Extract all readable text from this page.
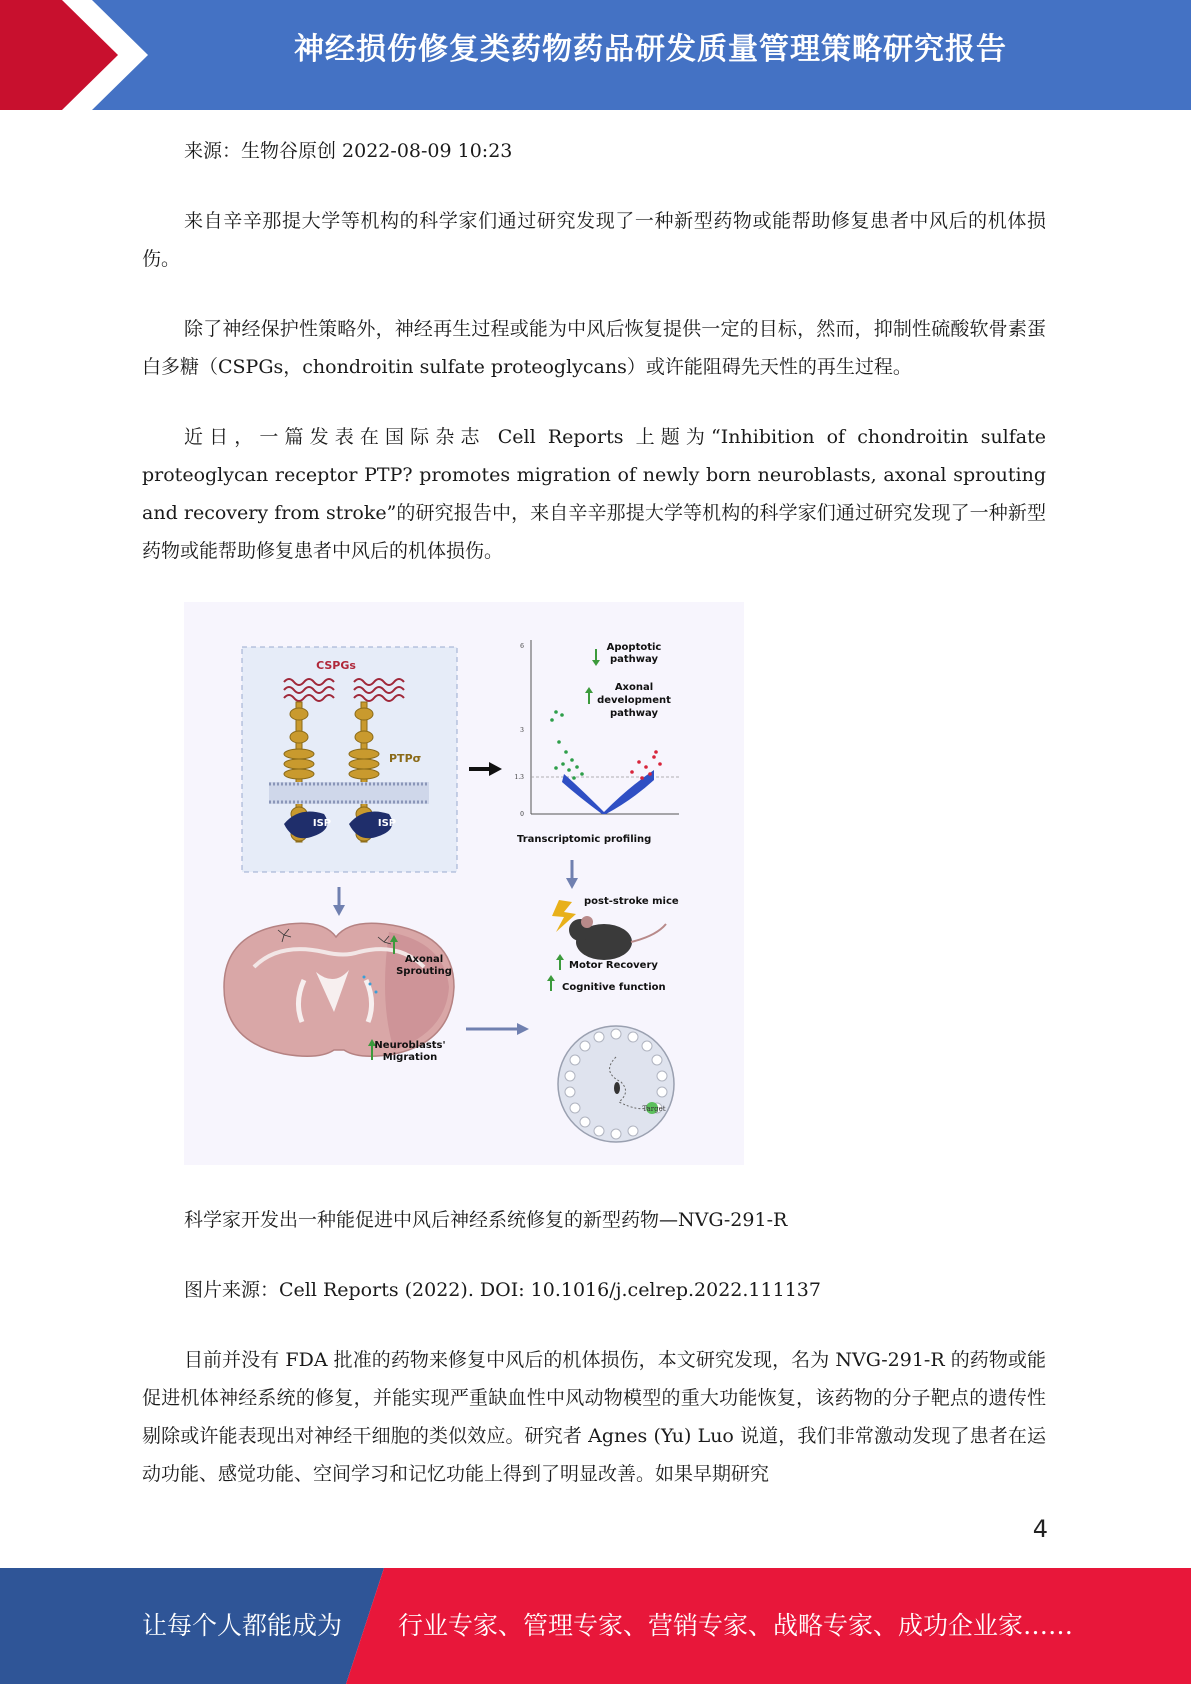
神经损伤修复类药物药品研发质量管理策略研究报告

来源：生物谷原创 2022-08-09 10:23

来自辛辛那提大学等机构的科学家们通过研究发现了一种新型药物或能帮助修复患者中风后的机体损伤。

除了神经保护性策略外，神经再生过程或能为中风后恢复提供一定的目标，然而，抑制性硫酸软骨素蛋白多糖（CSPGs，chondroitin sulfate proteoglycans）或许能阻碍先天性的再生过程。

近日，一篇发表在国际杂志 Cell Reports 上题为“Inhibition of chondroitin sulfate proteoglycan receptor PTP? promotes migration of newly born neuroblasts, axonal sprouting and recovery from stroke”的研究报告中，来自辛辛那提大学等机构的科学家们通过研究发现了一种新型药物或能帮助修复患者中风后的机体损伤。

CSPGs
PTPσ
ISP	ISP
6
3
1.3
0
Apoptotic
pathway
Axonal
development
pathway
Transcriptomic profiling
post-stroke mice
Motor Recovery
Cognitive function
Target
Axonal
Sprouting
Neuroblasts'
Migration

科学家开发出一种能促进中风后神经系统修复的新型药物—NVG-291-R

图片来源：Cell Reports (2022). DOI: 10.1016/j.celrep.2022.111137

目前并没有 FDA 批准的药物来修复中风后的机体损伤，本文研究发现，名为 NVG-291-R 的药物或能促进机体神经系统的修复，并能实现严重缺血性中风动物模型的重大功能恢复，该药物的分子靶点的遗传性剔除或许能表现出对神经干细胞的类似效应。研究者 Agnes (Yu) Luo 说道，我们非常激动发现了患者在运动功能、感觉功能、空间学习和记忆功能上得到了明显改善。如果早期研究

4
让每个人都能成为 行业专家、管理专家、营销专家、战略专家、成功企业家……
